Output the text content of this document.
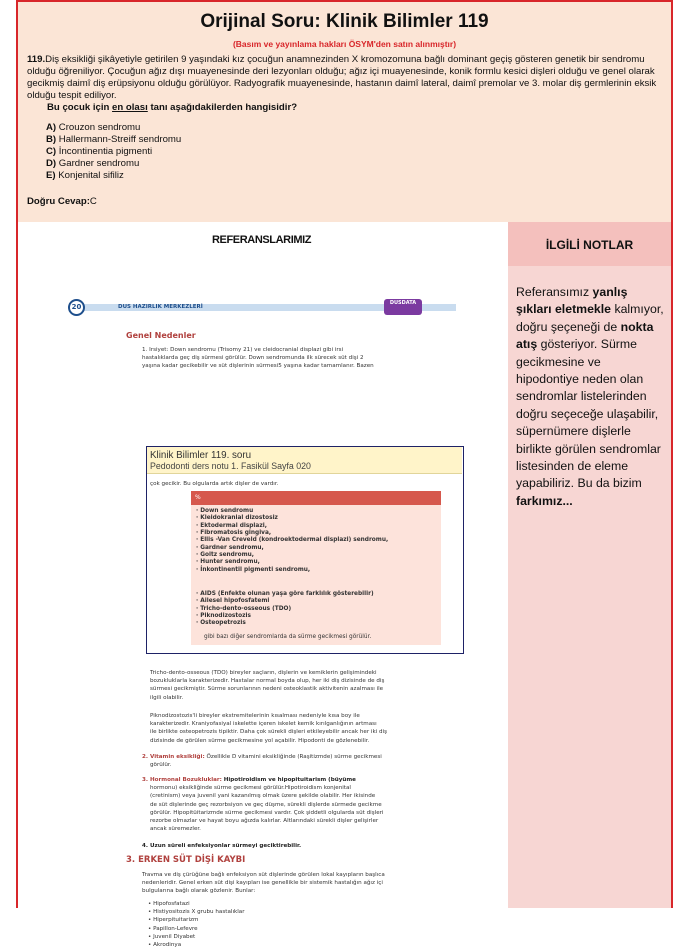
Orijinal Soru: Klinik Bilimler 119
(Basım ve yayınlama hakları ÖSYM'den satın alınmıştır)
119.Diş eksikliği şikâyetiyle getirilen 9 yaşındaki kız çocuğun anamnezinden X kromozomuna bağlı dominant geçiş gösteren genetik bir sendromu olduğu öğreniliyor. Çocuğun ağız dışı muayenesinde deri lezyonları olduğu; ağız içi muayenesinde, konik formlu kesici dişleri olduğu ve genel olarak gecikmiş daimî diş erüpsiyonu olduğu görülüyor. Radyografik muayenesinde, hastanın daimî lateral, daimî premolar ve 3. molar diş germlerinin eksik olduğu tespit ediliyor.
Bu çocuk için en olası tanı aşağıdakilerden hangisidir?
A) Crouzon sendromu
B) Hallermann-Streiff sendromu
C) İncontinentia pigmenti
D) Gardner sendromu
E) Konjenital sifiliz
Doğru Cevap:C
REFERANSLARIMIZ
20	DUS HAZIRLIK MERKEZLERİ
DUSDATA
Genel Nedenler
1. Irsiyet: Down sendromu (Trisomy 21) ve cleidocranial displazi gibi irsi
hastalıklarda geç diş sürmesi görülür. Down sendromunda ilk sürecek süt dişi 2
yaşına kadar gecikebilir ve süt dişlerinin sürmesi5 yaşına kadar tamamlanır. Bazen
Tricho-dento-osseous (TDO) bireyler saçların, dişlerin ve kemiklerin gelişimindeki
bozukluklarla karakterizedir. Hastalar normal boyda olup, her iki diş dizisinde de diş
sürmesi gecikmiştir. Sürme sorunlarının nedeni osteoklastik aktivitenin azalması ile
ilgili olabilir.
Piknodizostozis'li bireyler ekstremitelerinin kısalması nedeniyle kısa boy ile
karakterizedir. Kraniyofasiyal iskelette içeren iskelet kemik kırılganlığının artması
ile birlikte osteopetrozis tipiktir. Daha çok sürekli dişleri etkileyebilir ancak her iki diş
dizisinde de görülen sürme gecikmesine yol açabilir. Hipodonti de gözlenebilir.
2. Vitamin eksikliği: Özellikle D vitamini eksikliğinde (Raşitizmde) sürme gecikmesi
görülür.
3. Hormonal Bozukluklar: Hipotiroidism ve hipopituitarism (büyüme
hormonu) eksikliğinde sürme gecikmesi görülür.Hipotiroidism konjenital
(cretinism) veya juvenil yani kazanılmış olmak üzere şekilde olabilir. Her ikisinde
de süt dişlerinde geç rezorbsiyon ve geç düşme, sürekli dişlerde sürmede gecikme
görülür. Hipopitüitarizmde sürme gecikmesi vardır. Çok şiddetli olgularda süt dişleri
rezorbe olmazlar ve hayat boyu ağızda kalırlar. Altlarındaki sürekli dişler gelişirler
ancak süremezler.
4. Uzun süreli enfeksiyonlar sürmeyi geciktirebilir.
3. ERKEN SÜT DİŞİ KAYBI
Travma ve diş çürüğüne bağlı enfeksiyon süt dişlerinde görülen lokal kayıpların başlıca
nedenleridir. Genel erken süt dişi kayıpları ise genellikle bir sistemik hastalığın ağız içi
bulgularına bağlı olarak gözlenir. Bunlar:
• Hipofosfatazi
• Histiyositozis X grubu hastalıklar
• Hiperpituitarizm
• Papillon-Lefevre
• Juvenil Diyabet
• Akrodinya
Klinik Bilimler 119. soru
Pedodonti ders notu 1. Fasikül Sayfa 020
çok gecikir. Bu olgularda artık dişler de vardır.
%
· Down sendromu
· Kleidokranial dizostosiz
· Ektodermal displazi,
· Fibromatosis gingiva,
· Ellis -Van Creveld (kondroektodermal displazi) sendromu,
· Gardner sendromu,
· Goltz sendromu,
· Hunter sendromu,
· İnkontinentil pigmenti sendromu,
· AIDS (Enfekte olunan yaşa göre farklılık gösterebilir)
· Ailesel hipofosfatemi
· Tricho-dento-osseous (TDO)
· Piknodizostozis
· Osteopetrozis
gibi bazı diğer sendromlarda da sürme gecikmesi görülür.
İLGİLİ NOTLAR
Referansımız yanlış şıkları eletmekle kalmıyor, doğru şeçeneği de nokta atış gösteriyor. Sürme gecikmesine ve hipodontiye neden olan sendromlar listelerinden doğru seçeceğe ulaşabilir, süpernümere dişlerle birlikte görülen sendromlar listesinden de eleme yapabiliriz. Bu da bizim farkımız...
